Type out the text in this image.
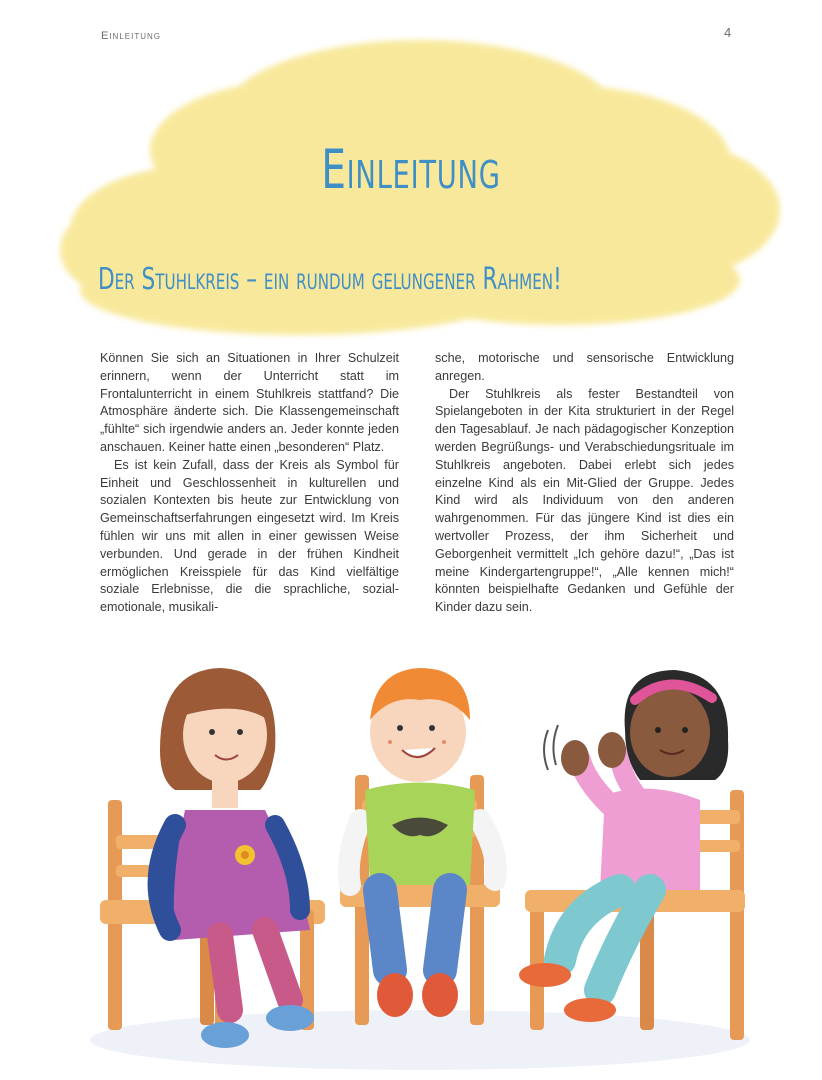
Einleitung	4
Einleitung
Der Stuhlkreis – ein rundum gelungener Rahmen!

Können Sie sich an Situationen in Ihrer Schulzeit erinnern, wenn der Unterricht statt im Frontalunterricht in einem Stuhlkreis stattfand? Die Atmosphäre änderte sich. Die Klassengemeinschaft „fühlte“ sich irgendwie anders an. Jeder konnte jeden anschauen. Keiner hatte einen „besonderen“ Platz.

Es ist kein Zufall, dass der Kreis als Symbol für Einheit und Geschlossenheit in kulturellen und sozialen Kontexten bis heute zur Entwicklung von Gemeinschaftserfahrungen eingesetzt wird. Im Kreis fühlen wir uns mit allen in einer gewissen Weise verbunden. Und gerade in der frühen Kindheit ermöglichen Kreisspiele für das Kind vielfältige soziale Erlebnisse, die die sprachliche, sozial-emotionale, musikali-

sche, motorische und sensorische Entwicklung anregen.

Der Stuhlkreis als fester Bestandteil von Spielangeboten in der Kita strukturiert in der Regel den Tagesablauf. Je nach pädagogischer Konzeption werden Begrüßungs- und Verabschiedungsrituale im Stuhlkreis angeboten. Dabei erlebt sich jedes einzelne Kind als ein Mit-Glied der Gruppe. Jedes Kind wird als Individuum von den anderen wahrgenommen. Für das jüngere Kind ist dies ein wertvoller Prozess, der ihm Sicherheit und Geborgenheit vermittelt „Ich gehöre dazu!“, „Das ist meine Kindergartengruppe!“, „Alle kennen mich!“ könnten beispielhafte Gedanken und Gefühle der Kinder dazu sein.
